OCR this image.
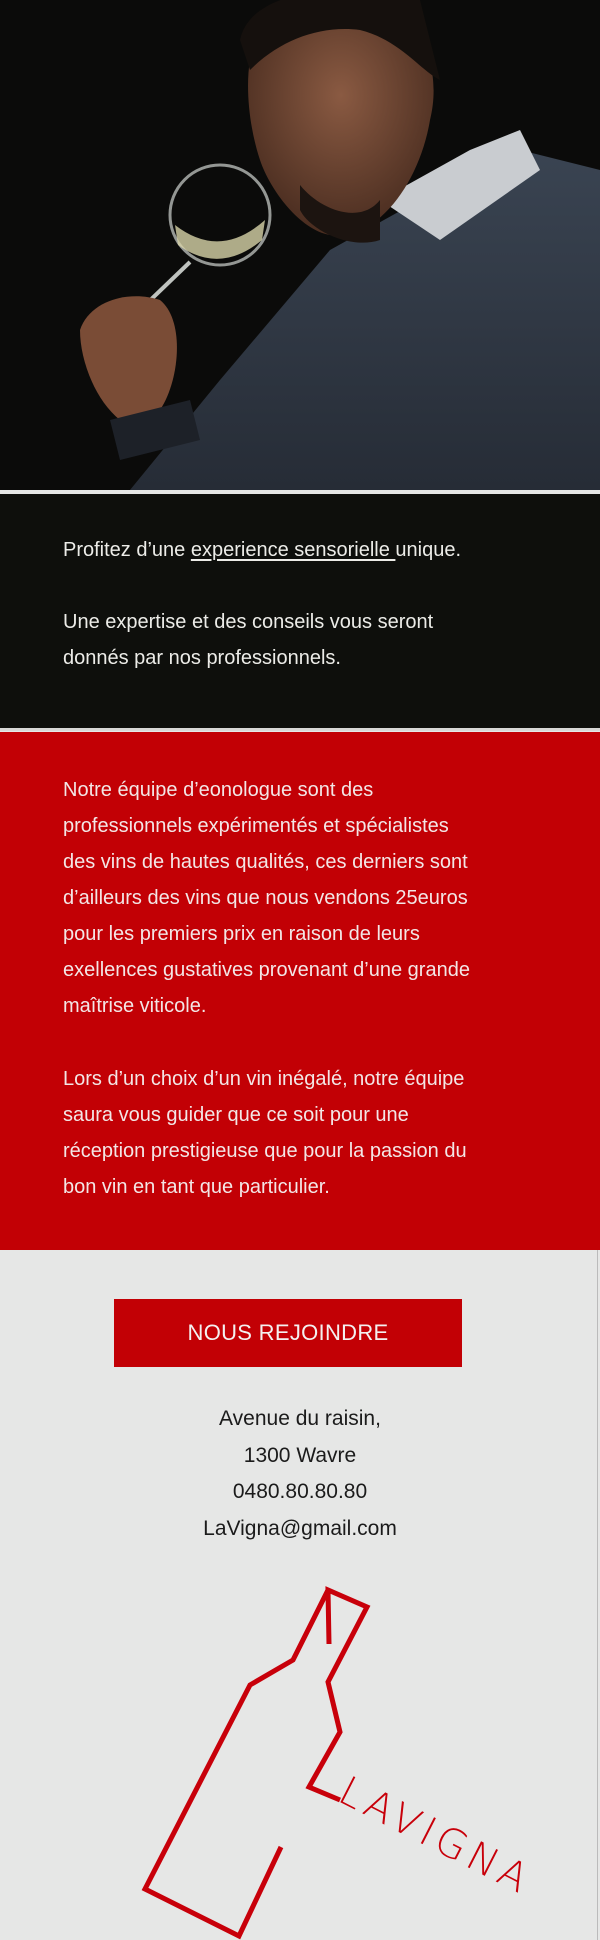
Profitez d’une experience sensorielle unique.

Une expertise et des conseils vous seront

donnés par nos professionnels.

Notre équipe d’eonologue sont des
professionnels expérimentés et spécialistes
des vins de hautes qualités, ces derniers sont
d’ailleurs des vins que nous vendons 25euros
pour les premiers prix en raison de leurs
exellences gustatives provenant d’une grande
maîtrise viticole.
Lors d’un choix d’un vin inégalé, notre équipe
saura vous guider que ce soit pour une
réception prestigieuse que pour la passion du
bon vin en tant que particulier.
NOUS REJOINDRE
Avenue du raisin,
1300 Wavre
0480.80.80.80
LaVigna@gmail.com
LAVIGNA
